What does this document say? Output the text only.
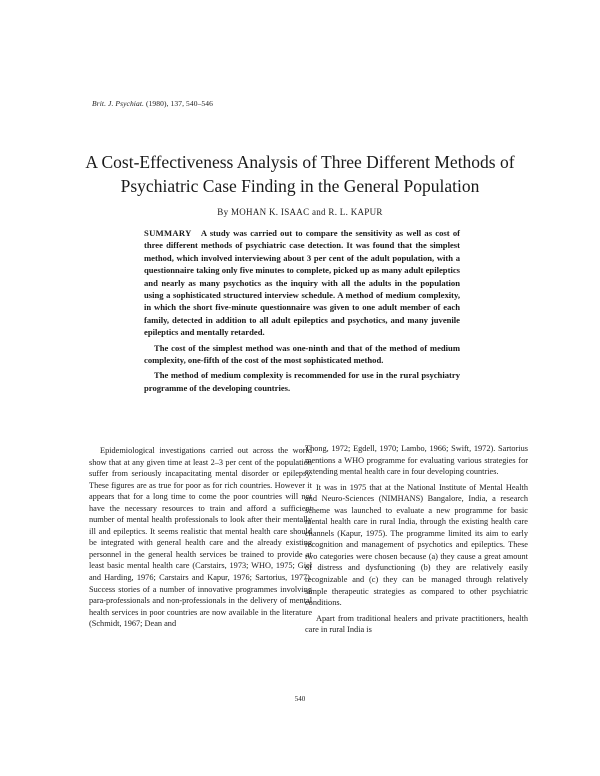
Brit. J. Psychiat. (1980), 137, 540–546
A Cost-Effectiveness Analysis of Three Different Methods of
Psychiatric Case Finding in the General Population
By MOHAN K. ISAAC and R. L. KAPUR

SUMMARY A study was carried out to compare the sensitivity as well as cost of three different methods of psychiatric case detection. It was found that the simplest method, which involved interviewing about 3 per cent of the adult population, with a questionnaire taking only five minutes to complete, picked up as many adult epileptics and nearly as many psychotics as the inquiry with all the adults in the population using a sophisticated structured interview schedule. A method of medium complexity, in which the short five-minute questionnaire was given to one adult member of each family, detected in addition to all adult epileptics and psychotics, and many juvenile epileptics and mentally retarded.

The cost of the simplest method was one-ninth and that of the method of medium complexity, one-fifth of the cost of the most sophisticated method.

The method of medium complexity is recommended for use in the rural psychiatry programme of the developing countries.

Epidemiological investigations carried out across the world show that at any given time at least 2–3 per cent of the population suffer from seriously incapacitating mental disorder or epilepsy. These figures are as true for poor as for rich countries. However it appears that for a long time to come the poor countries will not have the necessary resources to train and afford a sufficient number of mental health professionals to look after their mentally ill and epileptics. It seems realistic that mental health care should be integrated with general health care and the already existing personnel in the general health services be trained to provide at least basic mental health care (Carstairs, 1973; WHO, 1975; Giel and Harding, 1976; Carstairs and Kapur, 1976; Sartorius, 1977). Success stories of a number of innovative programmes involving para-professionals and non-professionals in the delivery of mental health services in poor countries are now available in the literature (Schmidt, 1967; Dean and

Thong, 1972; Egdell, 1970; Lambo, 1966; Swift, 1972). Sartorius mentions a WHO programme for evaluating various strategies for extending mental health care in four developing countries.

It was in 1975 that at the National Institute of Mental Health and Neuro-Sciences (NIMHANS) Bangalore, India, a research scheme was launched to evaluate a new programme for basic mental health care in rural India, through the existing health care channels (Kapur, 1975). The programme limited its aim to early recognition and management of psychotics and epileptics. These two categories were chosen because (a) they cause a great amount of distress and dysfunctioning (b) they are relatively easily recognizable and (c) they can be managed through relatively simple therapeutic strategies as compared to other psychiatric conditions.

Apart from traditional healers and private practitioners, health care in rural India is

540
